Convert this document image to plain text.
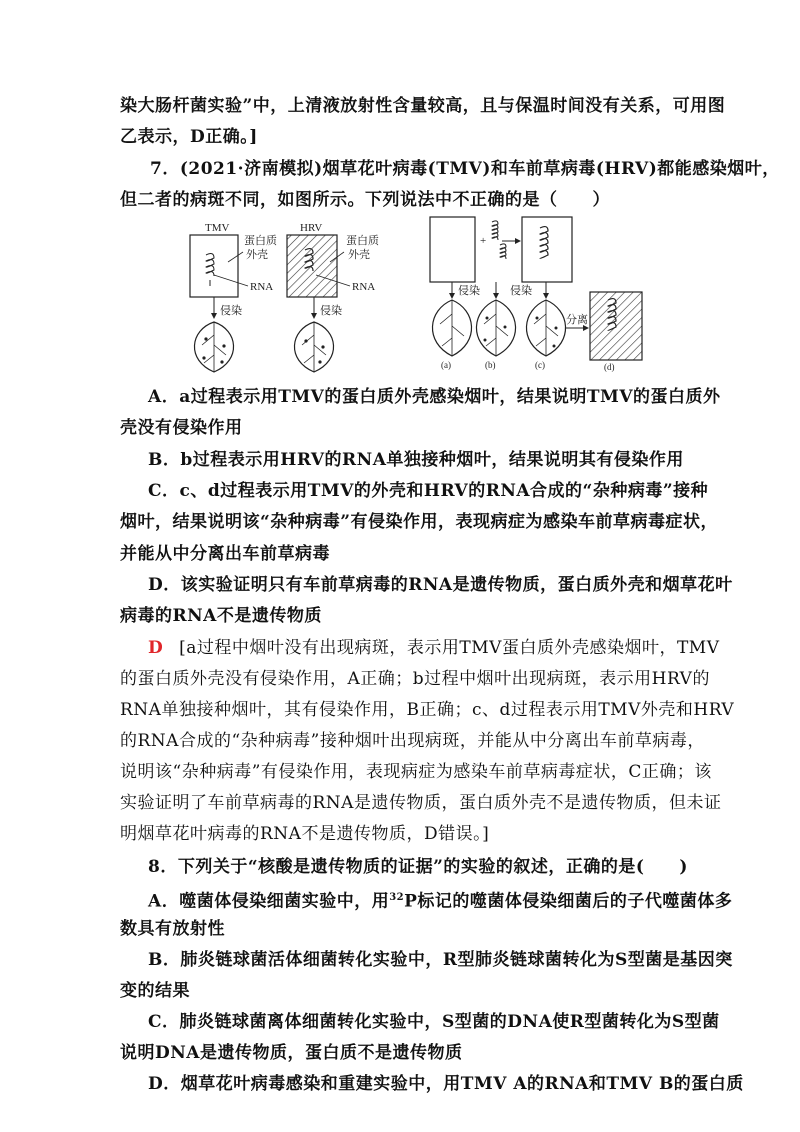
染大肠杆菌实验”中，上清液放射性含量较高，且与保温时间没有关系，可用图
乙表示，D正确。]
7．(2021·济南模拟)烟草花叶病毒(TMV)和车前草病毒(HRV)都能感染烟叶，
但二者的病斑不同，如图所示。下列说法中不正确的是（　　）
TMV
蛋白质
外壳
RNA
侵染
HRV
蛋白质
外壳
RNA
侵染
+
侵染
(a)	(b)
侵染
(c)
分离
(d)
A．a过程表示用TMV的蛋白质外壳感染烟叶，结果说明TMV的蛋白质外
壳没有侵染作用
B．b过程表示用HRV的RNA单独接种烟叶，结果说明其有侵染作用
C．c、d过程表示用TMV的外壳和HRV的RNA合成的“杂种病毒”接种
烟叶，结果说明该“杂种病毒”有侵染作用，表现病症为感染车前草病毒症状，
并能从中分离出车前草病毒
D．该实验证明只有车前草病毒的RNA是遗传物质，蛋白质外壳和烟草花叶
病毒的RNA不是遗传物质
D [a过程中烟叶没有出现病斑，表示用TMV蛋白质外壳感染烟叶，TMV
的蛋白质外壳没有侵染作用，A正确；b过程中烟叶出现病斑，表示用HRV的
RNA单独接种烟叶，其有侵染作用，B正确；c、d过程表示用TMV外壳和HRV
的RNA合成的“杂种病毒”接种烟叶出现病斑，并能从中分离出车前草病毒，
说明该“杂种病毒”有侵染作用，表现病症为感染车前草病毒症状，C正确；该
实验证明了车前草病毒的RNA是遗传物质，蛋白质外壳不是遗传物质，但未证
明烟草花叶病毒的RNA不是遗传物质，D错误。]
8．下列关于“核酸是遗传物质的证据”的实验的叙述，正确的是(　　)
A．噬菌体侵染细菌实验中，用$^{32}$P标记的噬菌体侵染细菌后的子代噬菌体多
数具有放射性
B．肺炎链球菌活体细菌转化实验中，R型肺炎链球菌转化为S型菌是基因突
变的结果
C．肺炎链球菌离体细菌转化实验中，S型菌的DNA使R型菌转化为S型菌
说明DNA是遗传物质，蛋白质不是遗传物质
D．烟草花叶病毒感染和重建实验中，用TMV A的RNA和TMV B的蛋白质
